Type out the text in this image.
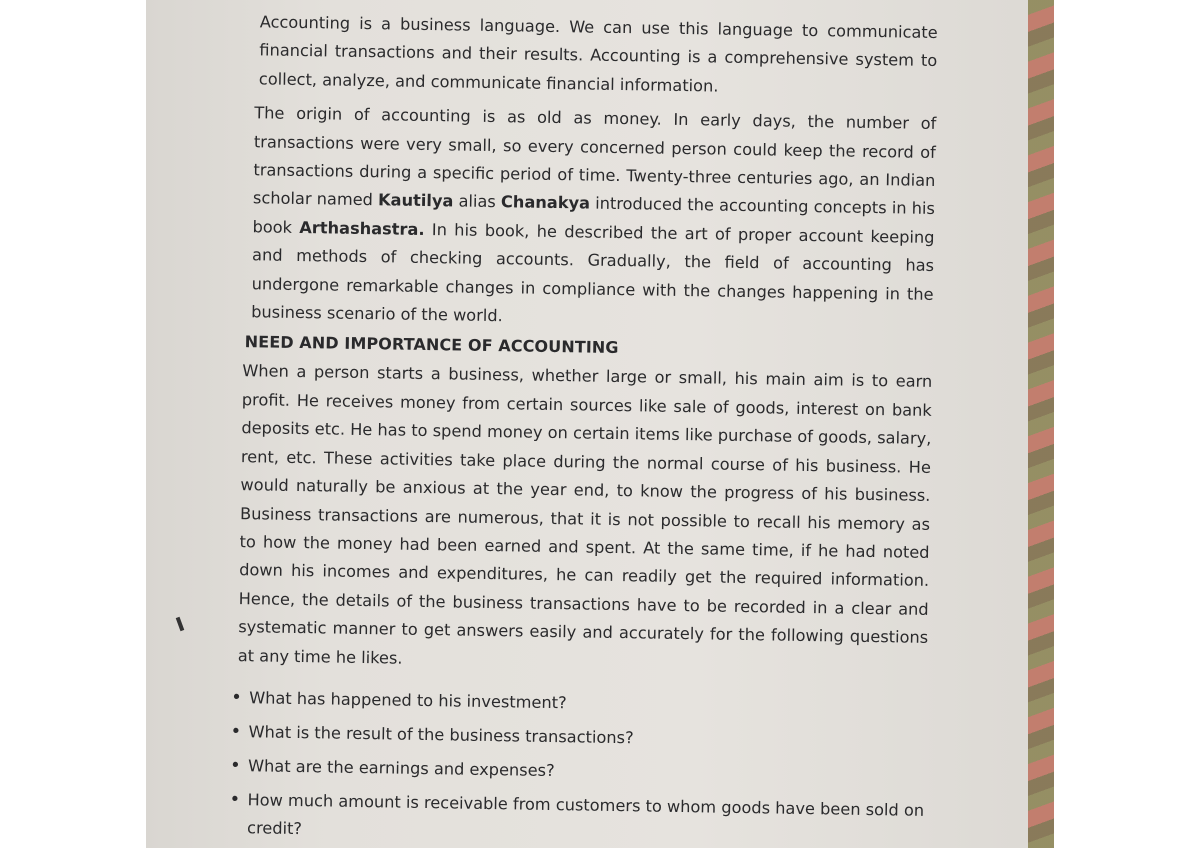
Accounting is a business language. We can use this language to communicate financial transactions and their results. Accounting is a comprehensive system to collect, analyze, and communicate financial information.

The origin of accounting is as old as money. In early days, the number of transactions were very small, so every concerned person could keep the record of transactions during a specific period of time. Twenty-three centuries ago, an Indian scholar named Kautilya alias Chanakya introduced the accounting concepts in his book Arthashastra. In his book, he described the art of proper account keeping and methods of checking accounts. Gradually, the field of accounting has undergone remarkable changes in compliance with the changes happening in the business scenario of the world.

NEED AND IMPORTANCE OF ACCOUNTING

When a person starts a business, whether large or small, his main aim is to earn profit. He receives money from certain sources like sale of goods, interest on bank deposits etc. He has to spend money on certain items like purchase of goods, salary, rent, etc. These activities take place during the normal course of his business. He would naturally be anxious at the year end, to know the progress of his business. Business transactions are numerous, that it is not possible to recall his memory as to how the money had been earned and spent. At the same time, if he had noted down his incomes and expenditures, he can readily get the required information. Hence, the details of the business transactions have to be recorded in a clear and systematic manner to get answers easily and accurately for the following questions at any time he likes.

• What has happened to his investment?
• What is the result of the business transactions?
• What are the earnings and expenses?
• How much amount is receivable from customers to whom goods have been sold on credit?
